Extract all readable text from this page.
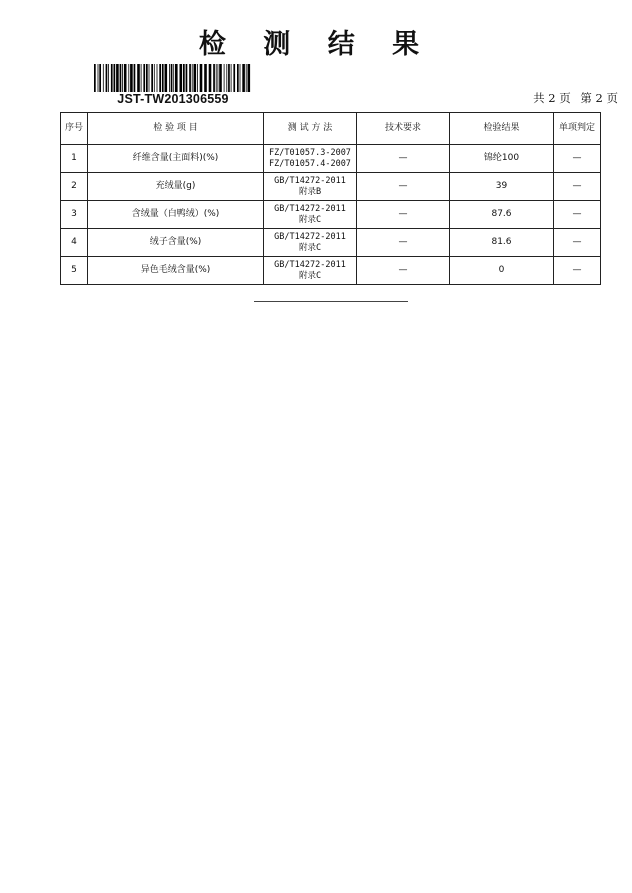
检 测 结 果
JST-TW201306559	共 2 页 第 2 页
序号	检 验 项 目	测 试 方 法	技术要求	检验结果	单项判定
1	纤维含量(主面料)(%)	FZ/T01057.3-2007
FZ/T01057.4-2007	—	锦纶100	—
2	充绒量(g)	GB/T14272-2011
附录B	—	39	—
3	含绒量（白鸭绒）(%)	GB/T14272-2011
附录C	—	87.6	—
4	绒子含量(%)	GB/T14272-2011
附录C	—	81.6	—
5	异色毛绒含量(%)	GB/T14272-2011
附录C	—	0	—
